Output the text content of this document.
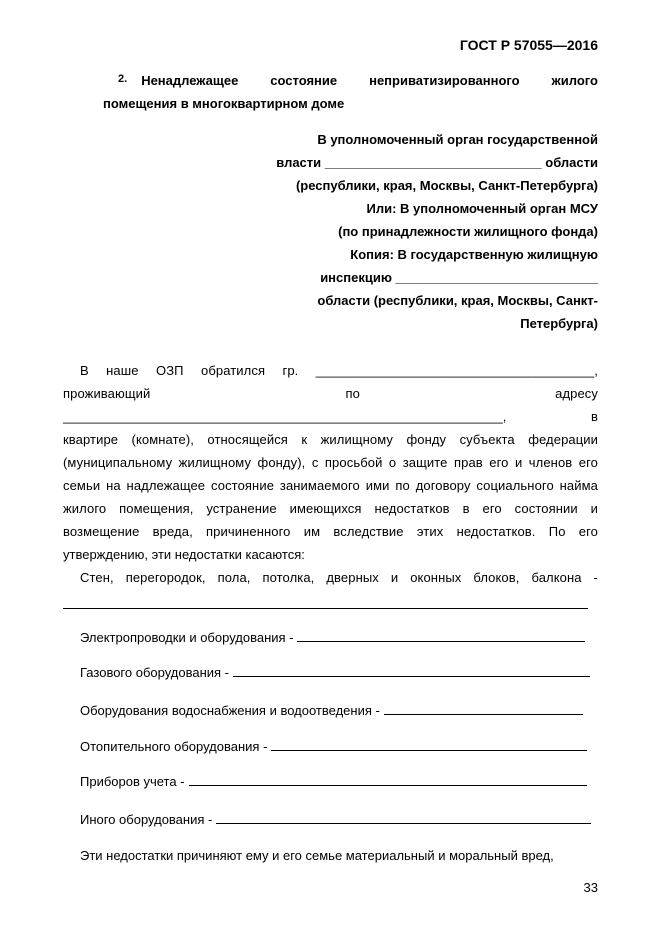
ГОСТ Р 57055—2016
2. Ненадлежащее состояние неприватизированного жилого
помещения в многоквартирном доме
В уполномоченный орган государственной
власти ______________________________ области
(республики, края, Москвы, Санкт-Петербурга)
Или: В уполномоченный орган МСУ
(по принадлежности жилищного фонда)
Копия: В государственную жилищную
инспекцию ____________________________
области (республики, края, Москвы, Санкт-
Петербурга)
В наше ОЗП обратился гр. ______________________________________,
проживающий по адресу
____________________________________________________________, в
квартире (комнате), относящейся к жилищному фонду субъекта федерации
(муниципальному жилищному фонду), с просьбой о защите прав его и членов его
семьи на надлежащее состояние занимаемого ими по договору социального найма
жилого помещения, устранение имеющихся недостатков в его состоянии и
возмещение вреда, причиненного им вследствие этих недостатков. По его
утверждению, эти недостатки касаются:
Стен, перегородок, пола, потолка, дверных и оконных блоков, балкона -
Электропроводки и оборудования -
Газового оборудования -
Оборудования водоснабжения и водоотведения -
Отопительного оборудования -
Приборов учета -
Иного оборудования -
Эти недостатки причиняют ему и его семье материальный и моральный вред,
33
